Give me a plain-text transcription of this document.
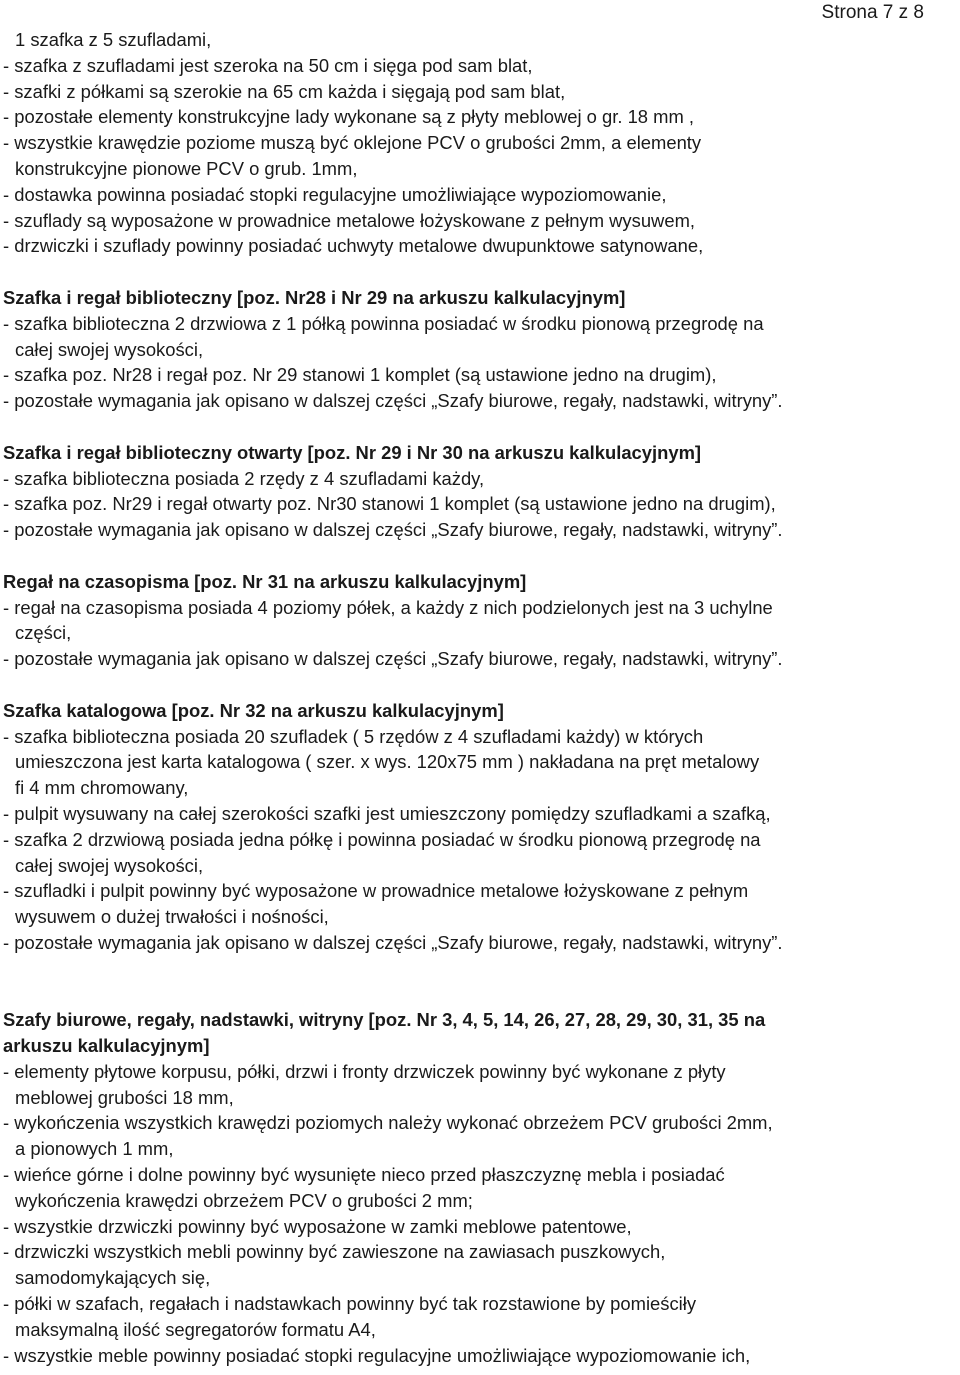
Strona 7 z 8
1 szafka z 5 szufladami,
- szafka z szufladami jest szeroka na 50 cm i sięga pod sam blat,
- szafki z półkami są szerokie na 65 cm każda i sięgają pod sam blat,
- pozostałe elementy konstrukcyjne lady wykonane są z płyty meblowej o gr. 18 mm ,
- wszystkie krawędzie poziome muszą być oklejone PCV o grubości 2mm, a elementy
konstrukcyjne pionowe PCV o grub. 1mm,
- dostawka powinna posiadać stopki regulacyjne umożliwiające wypoziomowanie,
- szuflady są wyposażone w prowadnice metalowe łożyskowane z pełnym wysuwem,
- drzwiczki i szuflady powinny posiadać uchwyty metalowe dwupunktowe satynowane,
Szafka i regał biblioteczny [poz. Nr28 i Nr 29 na arkuszu kalkulacyjnym]
- szafka biblioteczna 2 drzwiowa z 1 półką powinna posiadać w środku pionową przegrodę na
całej swojej wysokości,
- szafka poz. Nr28 i regał poz. Nr 29 stanowi 1 komplet (są ustawione jedno na drugim),
- pozostałe wymagania jak opisano w dalszej części „Szafy biurowe, regały, nadstawki, witryny”.
Szafka i regał biblioteczny otwarty [poz. Nr 29 i Nr 30 na arkuszu kalkulacyjnym]
- szafka biblioteczna posiada 2 rzędy z 4 szufladami każdy,
- szafka poz. Nr29 i regał otwarty poz. Nr30 stanowi 1 komplet (są ustawione jedno na drugim),
- pozostałe wymagania jak opisano w dalszej części „Szafy biurowe, regały, nadstawki, witryny”.
Regał na czasopisma [poz. Nr 31 na arkuszu kalkulacyjnym]
- regał na czasopisma posiada 4 poziomy półek, a każdy z nich podzielonych jest na 3 uchylne
części,
- pozostałe wymagania jak opisano w dalszej części „Szafy biurowe, regały, nadstawki, witryny”.
Szafka katalogowa [poz. Nr 32 na arkuszu kalkulacyjnym]
- szafka biblioteczna posiada 20 szufladek ( 5 rzędów z 4 szufladami każdy) w których
umieszczona jest karta katalogowa ( szer. x wys. 120x75 mm ) nakładana na pręt metalowy
fi 4 mm chromowany,
- pulpit wysuwany na całej szerokości szafki jest umieszczony pomiędzy szufladkami a szafką,
- szafka 2 drzwiową posiada jedna półkę i powinna posiadać w środku pionową przegrodę na
całej swojej wysokości,
- szufladki i pulpit powinny być wyposażone w prowadnice metalowe łożyskowane z pełnym
wysuwem o dużej trwałości i nośności,
- pozostałe wymagania jak opisano w dalszej części „Szafy biurowe, regały, nadstawki, witryny”.
Szafy biurowe, regały, nadstawki, witryny [poz. Nr 3, 4, 5, 14, 26, 27, 28, 29, 30, 31, 35 na
arkuszu kalkulacyjnym]
- elementy płytowe korpusu, półki, drzwi i fronty drzwiczek powinny być wykonane z płyty
meblowej grubości 18 mm,
- wykończenia wszystkich krawędzi poziomych należy wykonać obrzeżem PCV grubości 2mm,
a pionowych 1 mm,
- wieńce górne i dolne powinny być wysunięte nieco przed płaszczyznę mebla i posiadać
wykończenia krawędzi obrzeżem PCV o grubości 2 mm;
- wszystkie drzwiczki powinny być wyposażone w zamki meblowe patentowe,
- drzwiczki wszystkich mebli powinny być zawieszone na zawiasach puszkowych,
samodomykających się,
- półki w szafach, regałach i nadstawkach powinny być tak rozstawione by pomieściły
maksymalną ilość segregatorów formatu A4,
- wszystkie meble powinny posiadać stopki regulacyjne umożliwiające wypoziomowanie ich,
